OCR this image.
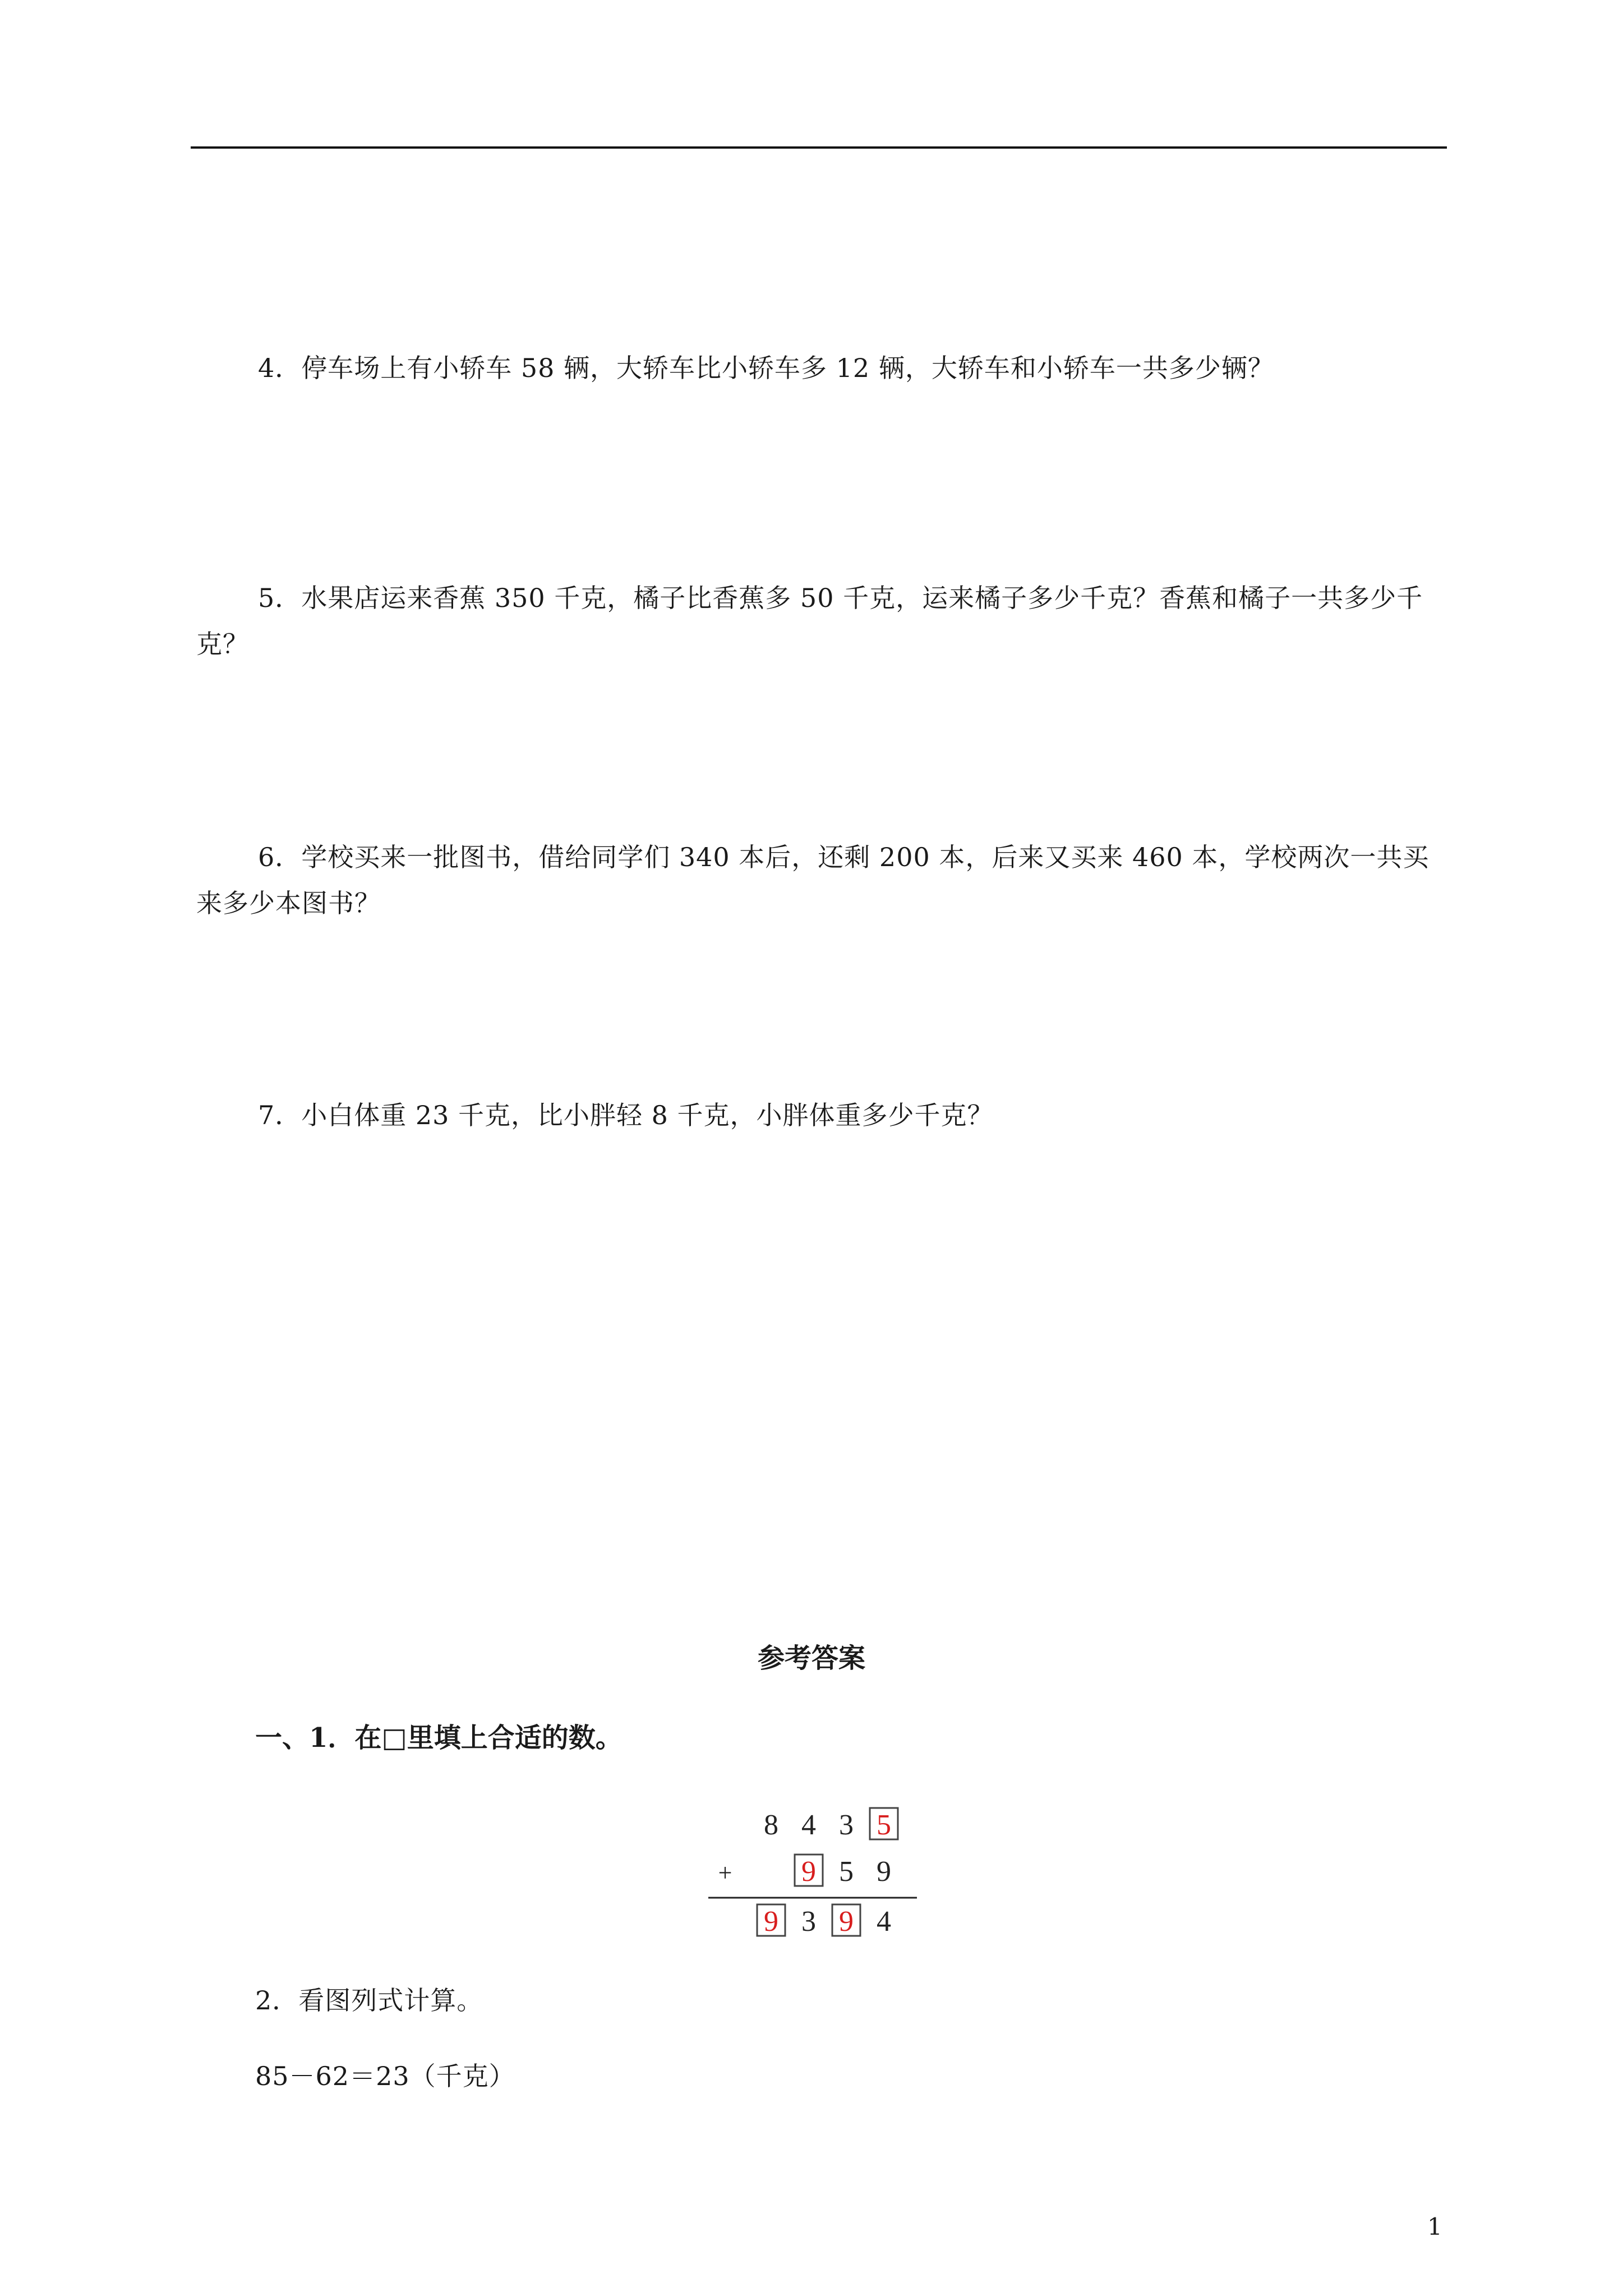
4．停车场上有小轿车 58 辆，大轿车比小轿车多 12 辆，大轿车和小轿车一共多少辆？

5．水果店运来香蕉 350 千克，橘子比香蕉多 50 千克，运来橘子多少千克？香蕉和橘子一共多少千克？

6．学校买来一批图书，借给同学们 340 本后，还剩 200 本，后来又买来 460 本，学校两次一共买来多少本图书？

7．小白体重 23 千克，比小胖轻 8 千克，小胖体重多少千克？

参考答案

一、1．在□里填上合适的数。

8 4 3 5
+ 9 5 9
9 3 9 4

2．看图列式计算。

85－62＝23（千克）

1
